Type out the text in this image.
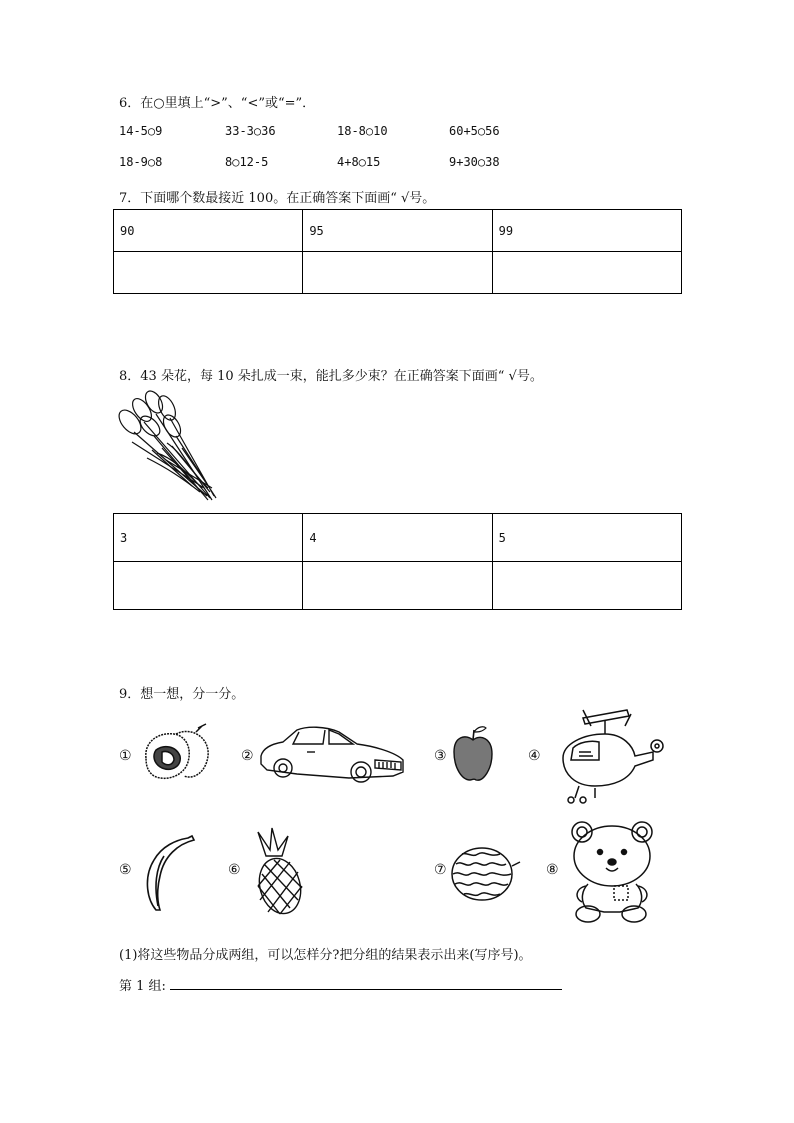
6．在○里填上“>”、“<”或“=”．
14-5○9	33-3○36	18-8○10	60+5○56
18-9○8	8○12-5	4+8○15	9+30○38
7．下面哪个数最接近 100。在正确答案下面画“ √号。
90	95	99

8．43 朵花，每 10 朵扎成一束，能扎多少束？在正确答案下面画“ √号。
3	4	5

9．想一想，分一分。
①	②	③	④
⑤	⑥	⑦	⑧
(1)将这些物品分成两组，可以怎样分?把分组的结果表示出来(写序号)。
第 1 组:
